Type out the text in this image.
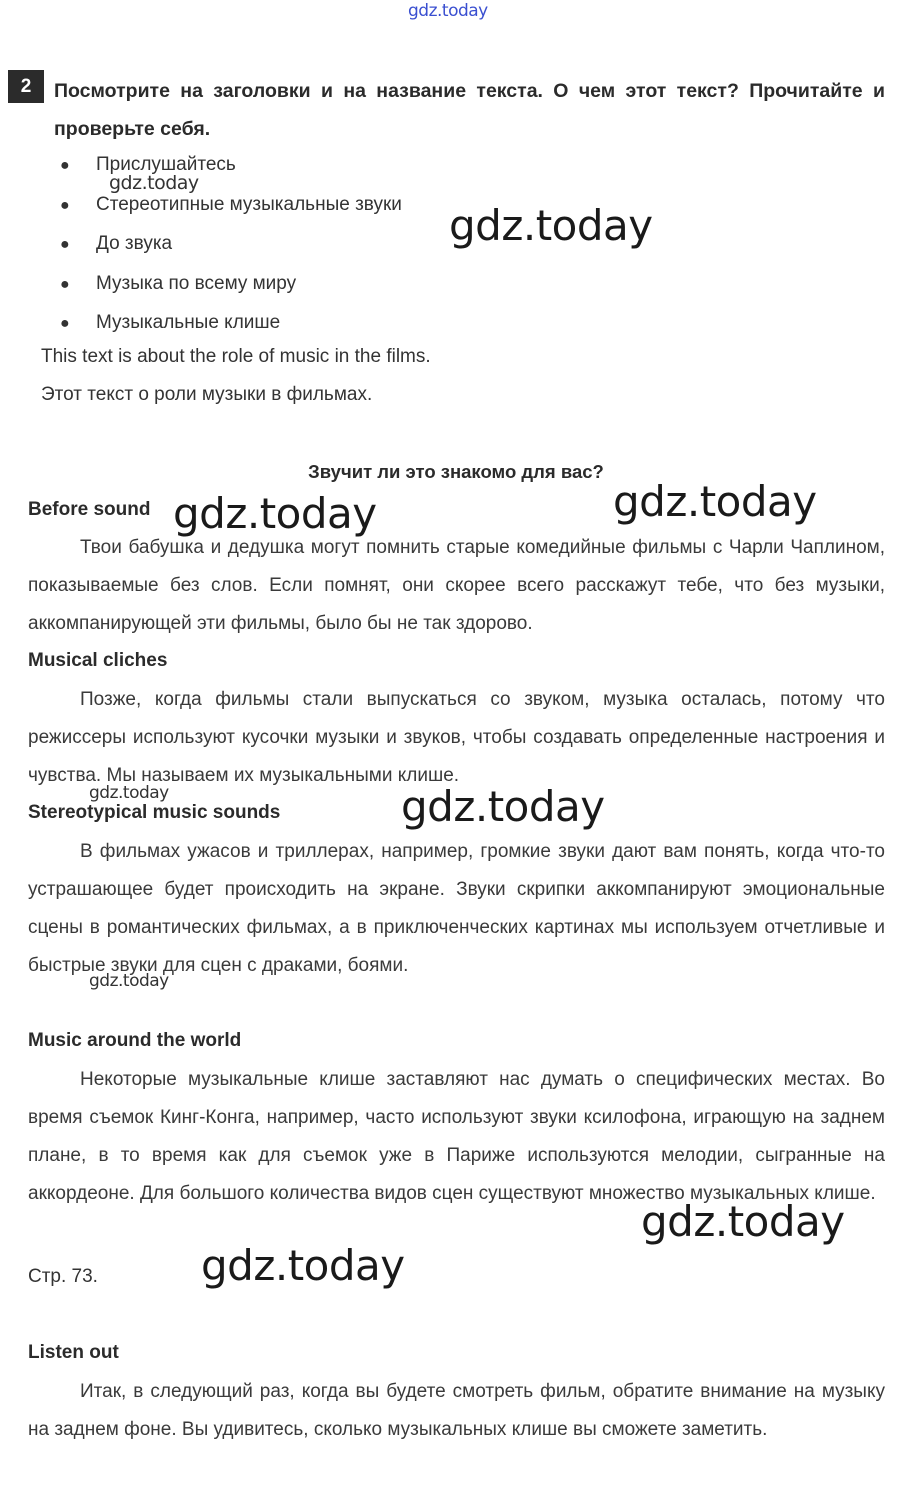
gdz.today
2	Посмотрите на заголовки и на название текста. О чем этот текст? Прочитайте и проверьте себя.

● Прислушайтесь
● Стереотипные музыкальные звуки
● До звука
● Музыка по всему миру
● Музыкальные клише
This text is about the role of music in the films.
Этот текст о роли музыки в фильмах.
Звучит ли это знакомо для вас?
Before sound

Твои бабушка и дедушка могут помнить старые комедийные фильмы с Чарли Чаплином, показываемые без слов. Если помнят, они скорее всего расскажут тебе, что без музыки, аккомпанирующей эти фильмы, было бы не так здорово.

Musical cliches

Позже, когда фильмы стали выпускаться со звуком, музыка осталась, потому что режиссеры используют кусочки музыки и звуков, чтобы создавать определенные настроения и чувства. Мы называем их музыкальными клише.

Stereotypical music sounds

В фильмах ужасов и триллерах, например, громкие звуки дают вам понять, когда что-то устрашающее будет происходить на экране. Звуки скрипки аккомпанируют эмоциональные сцены в романтических фильмах, а в приключенческих картинах мы используем отчетливые и быстрые звуки для сцен с драками, боями.

Music around the world

Некоторые музыкальные клише заставляют нас думать о специфических местах. Во время съемок Кинг-Конга, например, часто используют звуки ксилофона, играющую на заднем плане, в то время как для съемок уже в Париже используются мелодии, сыгранные на аккордеоне. Для большого количества видов сцен существуют множество музыкальных клише.

Стр. 73.
Listen out

Итак, в следующий раз, когда вы будете смотреть фильм, обратите внимание на музыку на заднем фоне. Вы удивитесь, сколько музыкальных клише вы сможете заметить.

gdz.today
gdz.today
gdz.today	gdz.today
gdz.today	gdz.today
gdz.today
gdz.today
gdz.today
